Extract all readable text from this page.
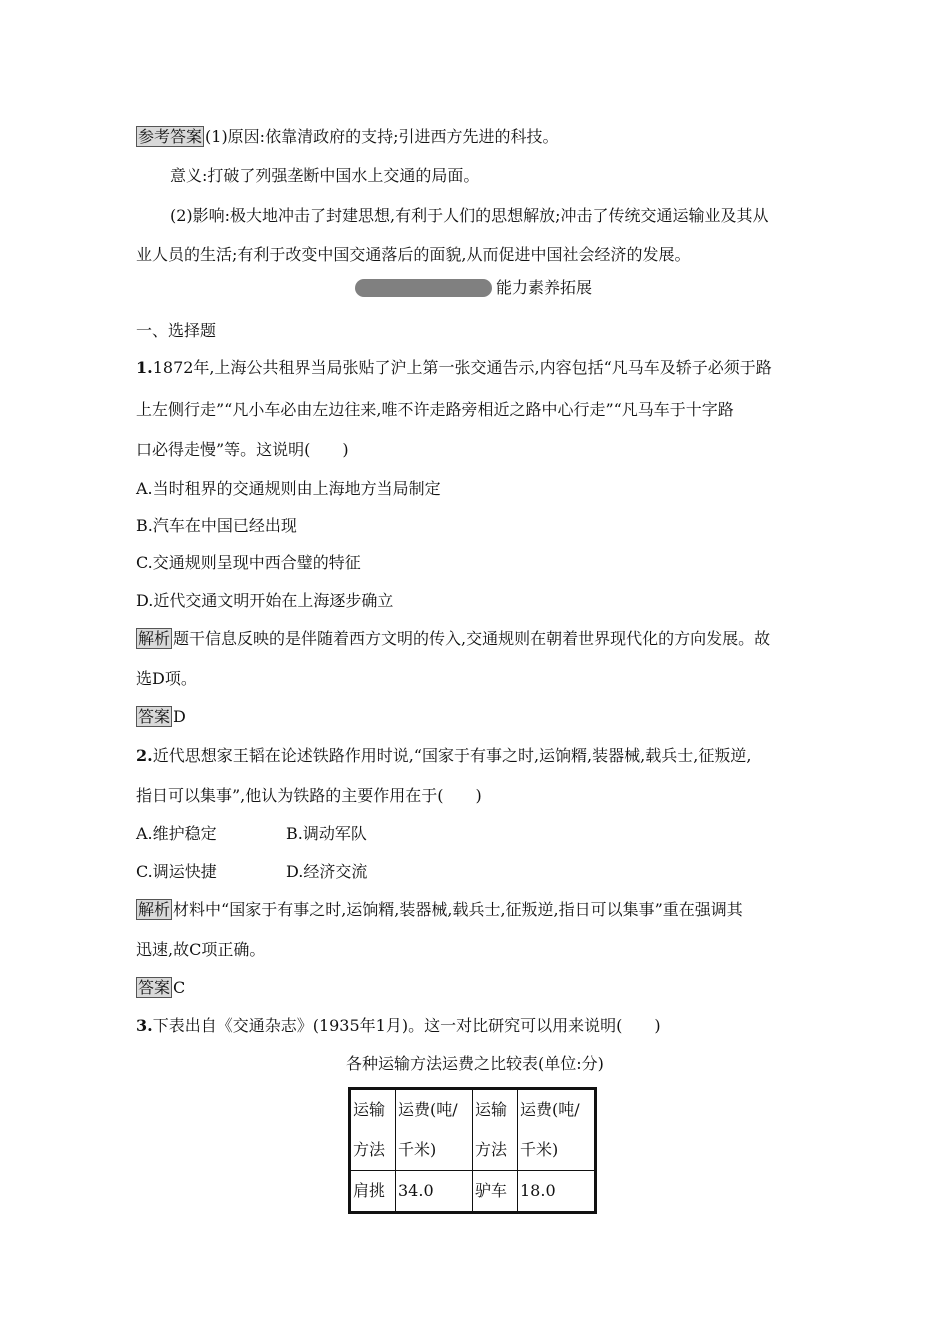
参考答案 (1)原因:依靠清政府的支持;引进西方先进的科技。
意义:打破了列强垄断中国水上交通的局面。
(2)影响:极大地冲击了封建思想,有利于人们的思想解放;冲击了传统交通运输业及其从
业人员的生活;有利于改变中国交通落后的面貌,从而促进中国社会经济的发展。
能力素养拓展
一、选择题
1.1872年,上海公共租界当局张贴了沪上第一张交通告示,内容包括“凡马车及轿子必须于路
上左侧行走”“凡小车必由左边往来,唯不许走路旁相近之路中心行走”“凡马车于十字路
口必得走慢”等。这说明(　　)
A.当时租界的交通规则由上海地方当局制定
B.汽车在中国已经出现
C.交通规则呈现中西合璧的特征
D.近代交通文明开始在上海逐步确立
解析 题干信息反映的是伴随着西方文明的传入,交通规则在朝着世界现代化的方向发展。故
选D项。
答案 D
2.近代思想家王韬在论述铁路作用时说,“国家于有事之时,运饷糈,装器械,载兵士,征叛逆,
指日可以集事”,他认为铁路的主要作用在于(　　)
A.维护稳定	B.调动军队
C.调运快捷	D.经济交流
解析 材料中“国家于有事之时,运饷糈,装器械,载兵士,征叛逆,指日可以集事”重在强调其
迅速,故C项正确。
答案 C
3.下表出自《交通杂志》(1935年1月)。这一对比研究可以用来说明(　　)
各种运输方法运费之比较表(单位:分)
运输
方法	运费(吨/
千米)	运输
方法	运费(吨/
千米)
肩挑	34.0	驴车	18.0
